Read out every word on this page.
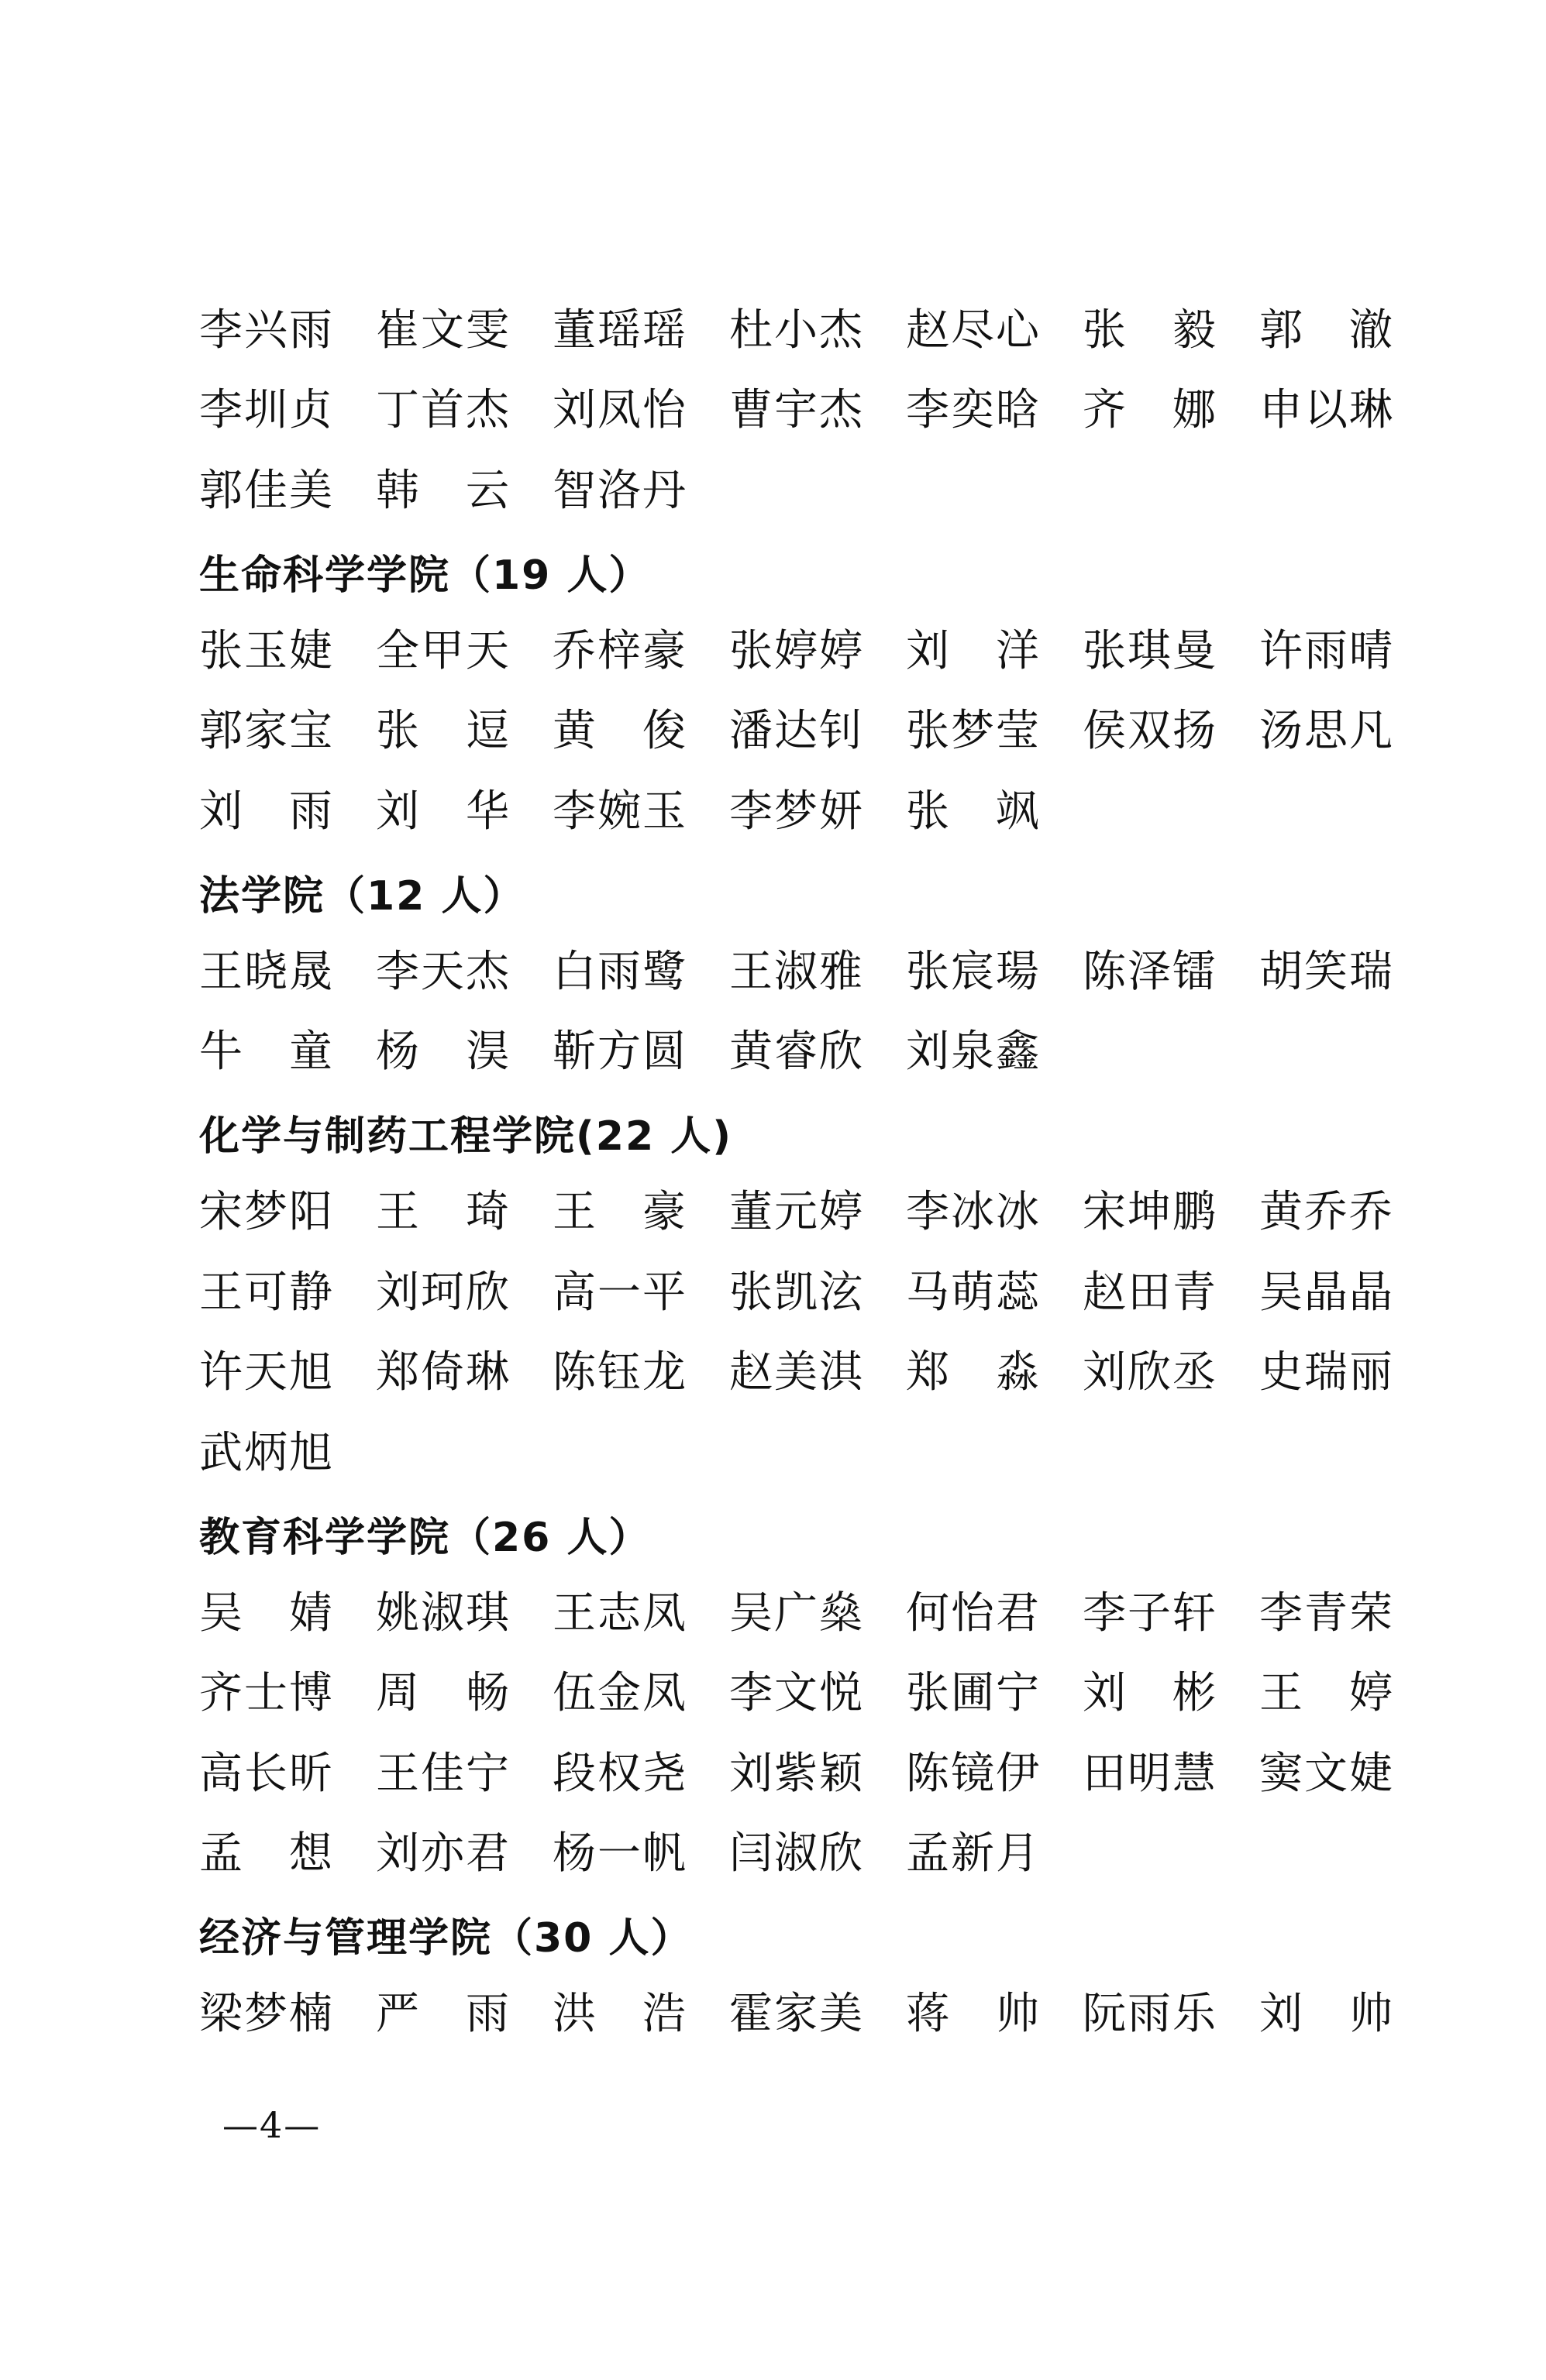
李 兴 雨 崔 文 雯 董 瑶 瑶 杜 小 杰 赵 尽 心 张 毅 郭 澈
李 圳 贞 丁 首 杰 刘 凤 怡 曹 宇 杰 李 奕 晗 齐 娜 申 以 琳
郭 佳 美 韩 云 智 洛 丹
生命科学学院（19 人）
张 玉 婕 全 甲 天 乔 梓 豪 张 婷 婷 刘 洋 张 琪 曼 许 雨 晴
郭 家 宝 张 逗 黄 俊 潘 达 钊 张 梦 莹 侯 双 扬 汤 思 凡
刘 雨 刘 华 李 婉 玉 李 梦 妍 张 飒
法学院（12 人）
王 晓 晟 李 天 杰 白 雨 鹭 王 淑 雅 张 宸 瑒 陈 泽 镭 胡 笑 瑞
牛 童 杨 淏 靳 方 圆 黄 睿 欣 刘 泉 鑫
化学与制药工程学院(22 人)
宋 梦 阳 王 琦 王 豪 董 元 婷 李 冰 冰 宋 坤 鹏 黄 乔 乔
王 可 静 刘 珂 欣 高 一 平 张 凯 泫 马 萌 蕊 赵 田 青 吴 晶 晶
许 天 旭 郑 倚 琳 陈 钰 龙 赵 美 淇 郑 淼 刘 欣 丞 史 瑞 丽
武 炳 旭
教育科学学院（26 人）
吴 婧 姚 淑 琪 王 志 凤 吴 广 燊 何 怡 君 李 子 轩 李 青 荣
齐 士 博 周 畅 伍 金 凤 李 文 悦 张 圃 宁 刘 彬 王 婷
高 长 昕 王 佳 宁 段 权 尧 刘 紫 颖 陈 镜 伊 田 明 慧 窦 文 婕
孟 想 刘 亦 君 杨 一 帆 闫 淑 欣 孟 新 月
经济与管理学院（30 人）
梁 梦 楠 严 雨 洪 浩 霍 家 美 蒋 帅 阮 雨 乐 刘 帅
—4—
